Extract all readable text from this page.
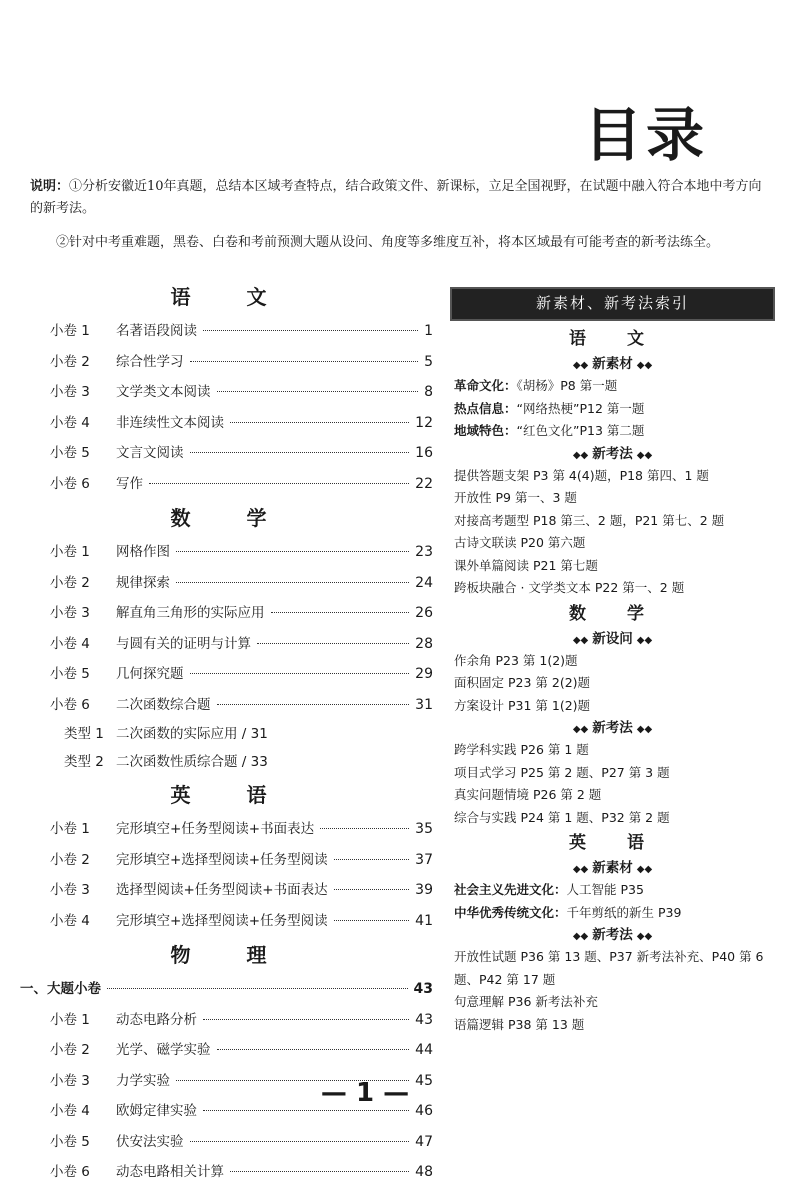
目录
说明：①分析安徽近10年真题，总结本区域考查特点，结合政策文件、新课标，立足全国视野，在试题中融入符合本地中考方向的新考法。
②针对中考重难题，黑卷、白卷和考前预测大题从设问、角度等多维度互补，将本区域最有可能考查的新考法练全。
语　文
小卷 1	名著语段阅读	1
小卷 2	综合性学习	5
小卷 3	文学类文本阅读	8
小卷 4	非连续性文本阅读	12
小卷 5	文言文阅读	16
小卷 6	写作	22
数　学
小卷 1	网格作图	23
小卷 2	规律探索	24
小卷 3	解直角三角形的实际应用	26
小卷 4	与圆有关的证明与计算	28
小卷 5	几何探究题	29
小卷 6	二次函数综合题	31
类型 1 二次函数的实际应用 / 31
类型 2 二次函数性质综合题 / 33
英　语
小卷 1	完形填空+任务型阅读+书面表达	35
小卷 2	完形填空+选择型阅读+任务型阅读	37
小卷 3	选择型阅读+任务型阅读+书面表达	39
小卷 4	完形填空+选择型阅读+任务型阅读	41
物　理
一、大题小卷	43
小卷 1	动态电路分析	43
小卷 2	光学、磁学实验	44
小卷 3	力学实验	45
小卷 4	欧姆定律实验	46
小卷 5	伏安法实验	47
小卷 6	动态电路相关计算	48
新素材、新考法索引
语　文
◆◆ 新素材 ◆◆
革命文化：《胡杨》P8 第一题
热点信息：“网络热梗”P12 第一题
地域特色：“红色文化”P13 第二题
◆◆ 新考法 ◆◆
提供答题支架 P3 第 4(4)题，P18 第四、1 题
开放性 P9 第一、3 题
对接高考题型 P18 第三、2 题，P21 第七、2 题
古诗文联读 P20 第六题
课外单篇阅读 P21 第七题
跨板块融合 · 文学类文本 P22 第一、2 题
数　学
◆◆ 新设问 ◆◆
作余角 P23 第 1(2)题
面积固定 P23 第 2(2)题
方案设计 P31 第 1(2)题
◆◆ 新考法 ◆◆
跨学科实践 P26 第 1 题
项目式学习 P25 第 2 题、P27 第 3 题
真实问题情境 P26 第 2 题
综合与实践 P24 第 1 题、P32 第 2 题
英　语
◆◆ 新素材 ◆◆
社会主义先进文化：人工智能 P35
中华优秀传统文化：千年剪纸的新生 P39
◆◆ 新考法 ◆◆
开放性试题 P36 第 13 题、P37 新考法补充、P40 第 6 题、P42 第 17 题
句意理解 P36 新考法补充
语篇逻辑 P38 第 13 题
— 1 —
